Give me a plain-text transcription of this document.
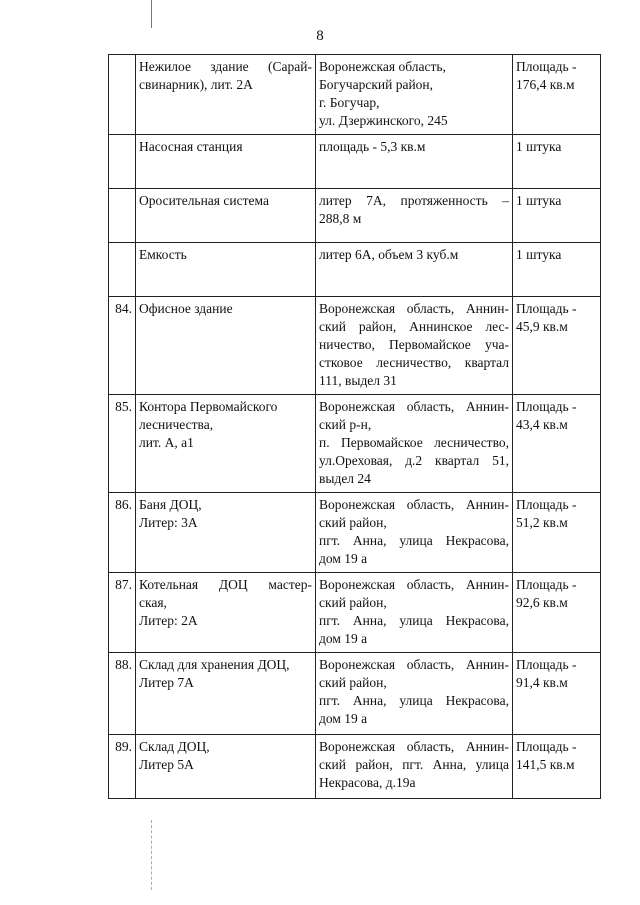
8

	Нежилое здание (Сарай-
свинарник), лит. 2А	Воронежская область,
Богучарский район,
г. Богучар,
ул. Дзержинского, 245	Площадь -
176,4 кв.м

	Насосная станция	площадь - 5,3 кв.м	1 штука

	Оросительная система	литер 7А, протяженность –
288,8 м	1 штука

	Емкость	литер 6А, объем 3 куб.м	1 штука

84.	Офисное здание	Воронежская область, Аннин-
ский район, Аннинское лес-
ничество, Первомайское уча-
стковое лесничество, квартал
111, выдел 31	Площадь -
45,9 кв.м

85.	Контора Первомайского
лесничества,
лит. А, а1	Воронежская область, Аннин-
ский р-н,
п. Первомайское лесничество,
ул.Ореховая, д.2 квартал 51,
выдел 24	Площадь -
43,4 кв.м

86.	Баня ДОЦ,
Литер: 3А	Воронежская область, Аннин-
ский район,
пгт. Анна, улица Некрасова,
дом 19 а	Площадь -
51,2 кв.м

87.	Котельная ДОЦ мастер-
ская,
Литер: 2А	Воронежская область, Аннин-
ский район,
пгт. Анна, улица Некрасова,
дом 19 а	Площадь -
92,6 кв.м

88.	Склад для хранения ДОЦ,
Литер 7А	Воронежская область, Аннин-
ский район,
пгт. Анна, улица Некрасова,
дом 19 а	Площадь -
91,4 кв.м

89.	Склад ДОЦ,
Литер 5А	Воронежская область, Аннин-
ский район, пгт. Анна, улица
Некрасова, д.19а	Площадь -
141,5 кв.м
